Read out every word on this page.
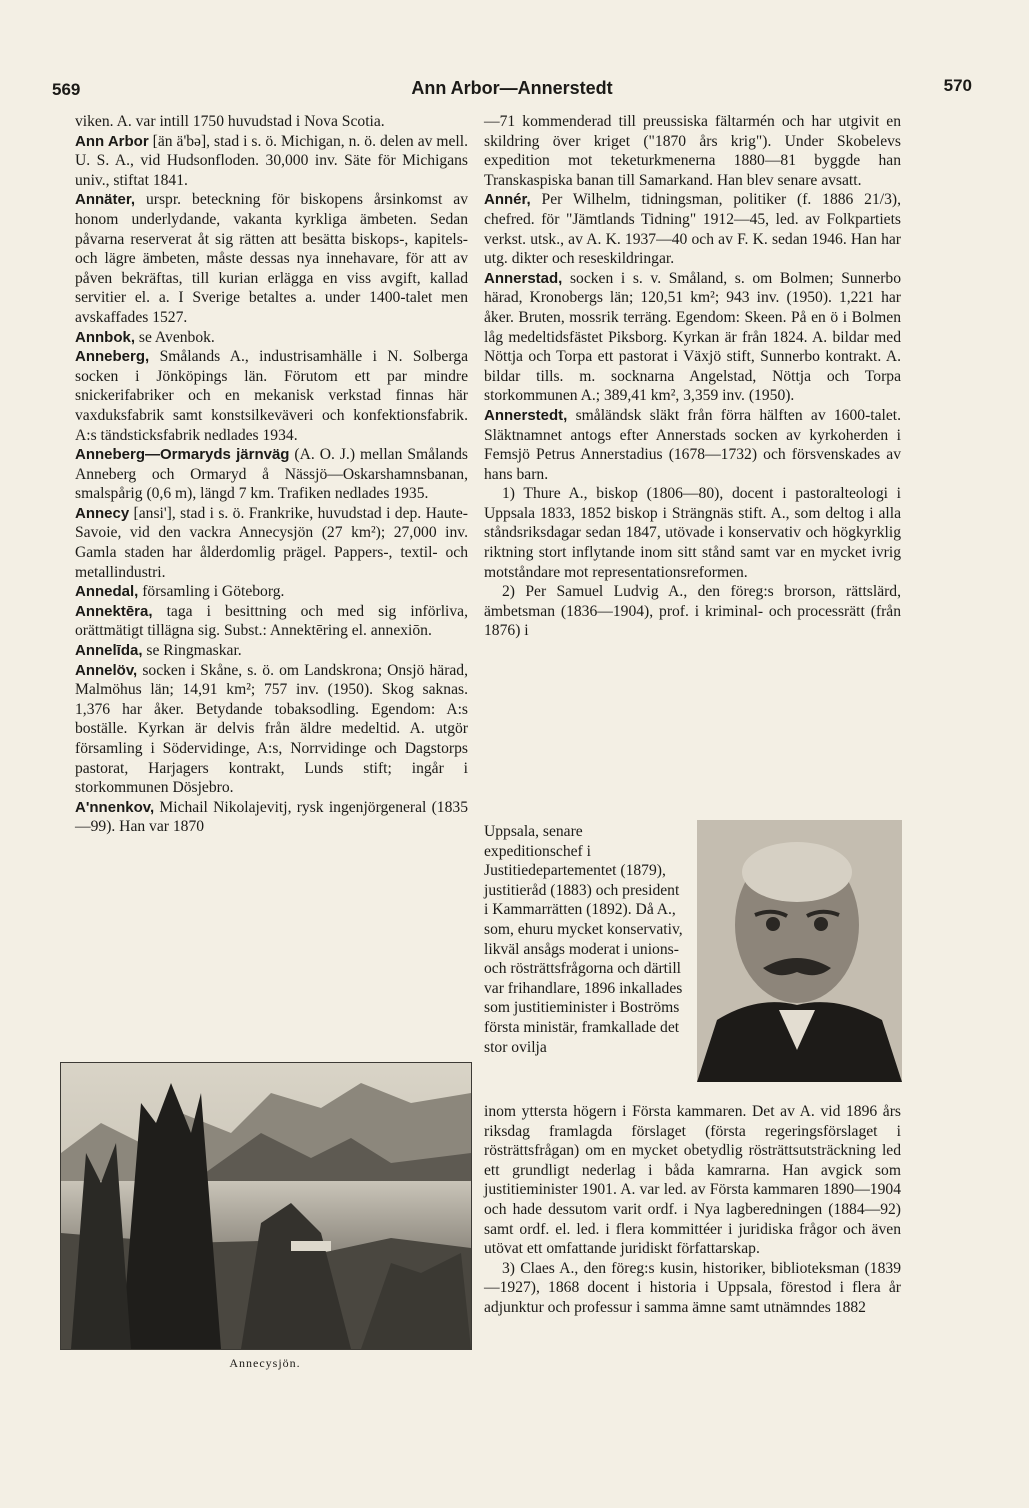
569	Ann Arbor—Annerstedt	570

viken. A. var intill 1750 huvudstad i Nova Scotia.

Ann Arbor [än ä'bə], stad i s. ö. Michigan, n. ö. delen av mell. U. S. A., vid Hudsonfloden. 30,000 inv. Säte för Michigans univ., stiftat 1841.

Annäter, urspr. beteckning för biskopens årsinkomst av honom underlydande, vakanta kyrkliga ämbeten. Sedan påvarna reserverat åt sig rätten att besätta biskops-, kapitels- och lägre ämbeten, måste dessas nya innehavare, för att av påven bekräftas, till kurian erlägga en viss avgift, kallad servitier el. a. I Sverige betaltes a. under 1400-talet men avskaffades 1527.

Annbok, se Avenbok.

Anneberg, Smålands A., industrisamhälle i N. Solberga socken i Jönköpings län. Förutom ett par mindre snickerifabriker och en mekanisk verkstad finnas här vaxduksfabrik samt konstsilkeväveri och konfektionsfabrik. A:s tändsticksfabrik nedlades 1934.

Anneberg—Ormaryds järnväg (A. O. J.) mellan Smålands Anneberg och Ormaryd å Nässjö—Oskarshamnsbanan, smalspårig (0,6 m), längd 7 km. Trafiken nedlades 1935.

Annecy [ansi'], stad i s. ö. Frankrike, huvudstad i dep. Haute-Savoie, vid den vackra Annecysjön (27 km²); 27,000 inv. Gamla staden har ålderdomlig prägel. Pappers-, textil- och metallindustri.

Annedal, församling i Göteborg.

Annektēra, taga i besittning och med sig införliva, orättmätigt tillägna sig. Subst.: Annektēring el. annexiōn.

Annelīda, se Ringmaskar.

Annelöv, socken i Skåne, s. ö. om Landskrona; Onsjö härad, Malmöhus län; 14,91 km²; 757 inv. (1950). Skog saknas. 1,376 har åker. Betydande tobaksodling. Egendom: A:s boställe. Kyrkan är delvis från äldre medeltid. A. utgör församling i Södervidinge, A:s, Norrvidinge och Dagstorps pastorat, Harjagers kontrakt, Lunds stift; ingår i storkommunen Dösjebro.

A'nnenkov, Michail Nikolajevitj, rysk ingenjörgeneral (1835—99). Han var 1870

Annecysjön.

—71 kommenderad till preussiska fältarmén och har utgivit en skildring över kriget ("1870 års krig"). Under Skobelevs expedition mot teketurkmenerna 1880—81 byggde han Transkaspiska banan till Samarkand. Han blev senare avsatt.

Annér, Per Wilhelm, tidningsman, politiker (f. 1886 21/3), chefred. för "Jämtlands Tidning" 1912—45, led. av Folkpartiets verkst. utsk., av A. K. 1937—40 och av F. K. sedan 1946. Han har utg. dikter och reseskildringar.

Annerstad, socken i s. v. Småland, s. om Bolmen; Sunnerbo härad, Kronobergs län; 120,51 km²; 943 inv. (1950). 1,221 har åker. Bruten, mossrik terräng. Egendom: Skeen. På en ö i Bolmen låg medeltidsfästet Piksborg. Kyrkan är från 1824. A. bildar med Nöttja och Torpa ett pastorat i Växjö stift, Sunnerbo kontrakt. A. bildar tills. m. socknarna Angelstad, Nöttja och Torpa storkommunen A.; 389,41 km², 3,359 inv. (1950).

Annerstedt, småländsk släkt från förra hälften av 1600-talet. Släktnamnet antogs efter Annerstads socken av kyrkoherden i Femsjö Petrus Annerstadius (1678—1732) och försvenskades av hans barn.

1) Thure A., biskop (1806—80), docent i pastoralteologi i Uppsala 1833, 1852 biskop i Strängnäs stift. A., som deltog i alla ståndsriksdagar sedan 1847, utövade i konservativ och högkyrklig riktning stort inflytande inom sitt stånd samt var en mycket ivrig motståndare mot representationsreformen.

2) Per Samuel Ludvig A., den föreg:s brorson, rättslärd, ämbetsman (1836—1904), prof. i kriminal- och processrätt (från 1876) i

Uppsala, senare expeditionschef i Justitiedepartementet (1879), justitieråd (1883) och president i Kammarrätten (1892). Då A., som, ehuru mycket konservativ, likväl ansågs moderat i unions- och rösträttsfrågorna och därtill var frihandlare, 1896 inkallades som justitieminister i Boströms första ministär, framkallade det stor ovilja

inom yttersta högern i Första kammaren. Det av A. vid 1896 års riksdag framlagda förslaget (första regeringsförslaget i rösträttsfrågan) om en mycket obetydlig rösträttsutsträckning led ett grundligt nederlag i båda kamrarna. Han avgick som justitieminister 1901. A. var led. av Första kammaren 1890—1904 och hade dessutom varit ordf. i Nya lagberedningen (1884—92) samt ordf. el. led. i flera kommittéer i juridiska frågor och även utövat ett omfattande juridiskt författarskap.

3) Claes A., den föreg:s kusin, historiker, biblioteksman (1839—1927), 1868 docent i historia i Uppsala, förestod i flera år adjunktur och professur i samma ämne samt utnämndes 1882
